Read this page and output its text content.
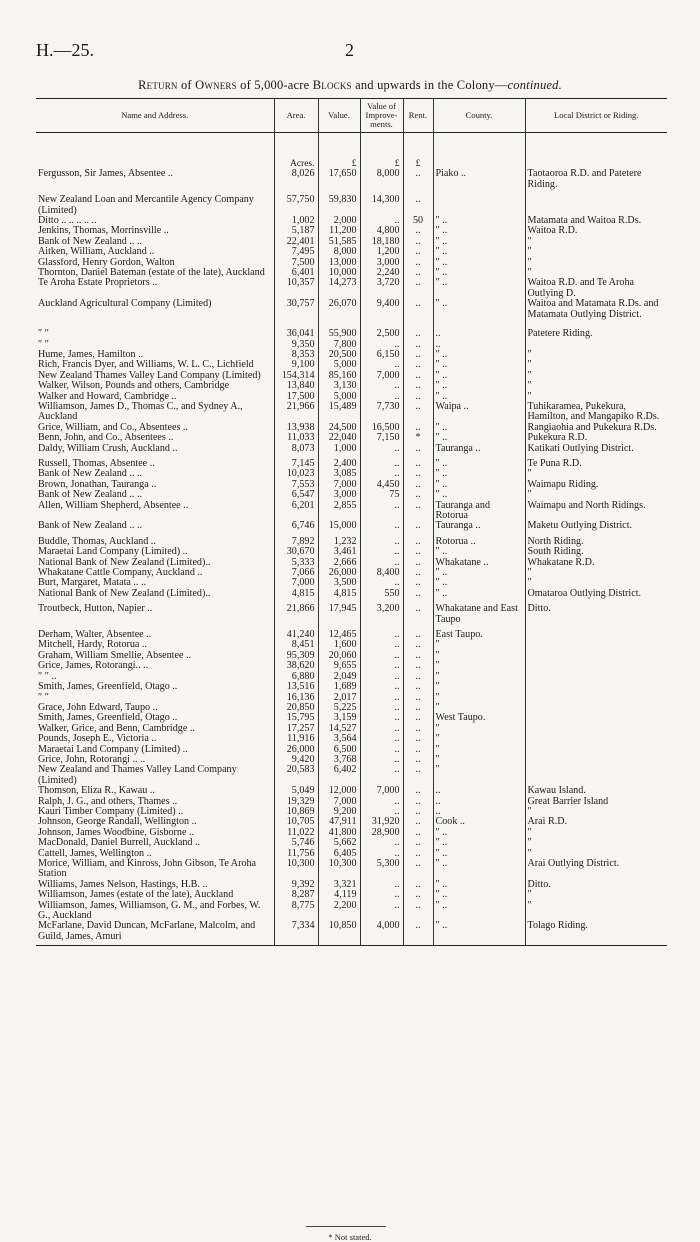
H.—25.	2
Return of Owners of 5,000-acre Blocks and upwards in the Colony—continued.
Name and Address.	Area.	Value.	Value of Improve-ments.	Rent.	County.	Local District or Riding.
	Acres.	£	£	£		
Fergusson, Sir James, Absentee ..	8,026	17,650	8,000	..	Piako ..	Taotaoroa R.D. and Patetere Riding.
New Zealand Loan and Mercantile Agency Company (Limited)	57,750	59,830	14,300	..		
Ditto .. .. .. .. ..	1,002	2,000	..	50	″ ..	Matamata and Waitoa R.Ds.
Jenkins, Thomas, Morrinsville ..	5,187	11,200	4,800	..	″ ..	Waitoa R.D.
Bank of New Zealand .. ..	22,401	51,585	18,180	..	″ ..	″
Aitken, William, Auckland ..	7,495	8,000	1,200	..	″ ..	″
Glassford, Henry Gordon, Walton	7,500	13,000	3,000	..	″ ..	″
Thornton, Daniel Bateman (estate of the late), Auckland	6,401	10,000	2,240	..	″ ..	″
Te Aroha Estate Proprietors ..	10,357	14,273	3,720	..	″ ..	Waitoa R.D. and Te Aroha Outlying D.
Auckland Agricultural Company (Limited)	30,757	26,070	9,400	..	″ ..	Waitoa and Matamata R.Ds. and Matamata Outlying District.
″ ″	36,041	55,900	2,500	..	..	Patetere Riding.
″ ″	9,350	7,800	..	..	..	
Hume, James, Hamilton ..	8,353	20,500	6,150	..	″ ..	″
Rich, Francis Dyer, and Williams, W. L. C., Lichfield	9,100	5,000	..	..	″ ..	″
New Zealand Thames Valley Land Company (Limited)	154,314	85,160	7,000	..	″ ..	″
Walker, Wilson, Pounds and others, Cambridge	13,840	3,130	..	..	″ ..	″
Walker and Howard, Cambridge ..	17,500	5,000	..	..	″ ..	″
Williamson, James D., Thomas C., and Sydney A., Auckland	21,966	15,489	7,730	..	Waipa ..	Tuhikaramea, Pukekura, Hamilton, and Mangapiko R.Ds.
Grice, William, and Co., Absentees ..	13,938	24,500	16,500	..	″ ..	Rangiaohia and Pukekura R.Ds.
Benn, John, and Co., Absentees ..	11,033	22,040	7,150	*	″ ..	Pukekura R.D.
Daldy, William Crush, Auckland ..	8,073	1,000	..	..	Tauranga ..	Katikati Outlying District.
Russell, Thomas, Absentee ..	7,145	2,400	..	..	″ ..	Te Puna R.D.
Bank of New Zealand .. ..	10,023	3,085	..	..	″ ..	″
Brown, Jonathan, Tauranga ..	7,553	7,000	4,450	..	″ ..	Waimapu Riding.
Bank of New Zealand .. ..	6,547	3,000	75	..	″ ..	″
Allen, William Shepherd, Absentee ..	6,201	2,855	..	..	Tauranga and Rotorua	Waimapu and North Ridings.
Bank of New Zealand .. ..	6,746	15,000	..	..	Tauranga ..	Maketu Outlying District.
Buddle, Thomas, Auckland ..	7,892	1,232	..	..	Rotorua ..	North Riding.
Maraetai Land Company (Limited) ..	30,670	3,461	..	..	″ ..	South Riding.
National Bank of New Zealand (Limited)..	5,333	2,666	..	..	Whakatane ..	Whakatane R.D.
Whakatane Cattle Company, Auckland ..	7,066	26,000	8,400	..	″ ..	″
Burt, Margaret, Matata .. ..	7,000	3,500	..	..	″ ..	″
National Bank of New Zealand (Limited)..	4,815	4,815	550	..	″ ..	Omataroa Outlying District.
Troutbeck, Hutton, Napier ..	21,866	17,945	3,200	..	Whakatane and East Taupo	Ditto.
Derham, Walter, Absentee ..	41,240	12,465	..	..	East Taupo.	
Mitchell, Hardy, Rotorua ..	8,451	1,600	..	..	″	
Graham, William Smellie, Absentee ..	95,309	20,060	..	..	″	
Grice, James, Rotorangi.. ..	38,620	9,655	..	..	″	
″ ″ ..	6,880	2,049	..	..	″	
Smith, James, Greenfield, Otago ..	13,516	1,689	..	..	″	
″ ″	16,136	2,017	..	..	″	
Grace, John Edward, Taupo ..	20,850	5,225	..	..	″	
Smith, James, Greenfield, Otago ..	15,795	3,159	..	..	West Taupo.	
Walker, Grice, and Benn, Cambridge ..	17,257	14,527	..	..	″	
Pounds, Joseph E., Victoria ..	11,916	3,564	..	..	″	
Maraetai Land Company (Limited) ..	26,000	6,500	..	..	″	
Grice, John, Rotorangi .. ..	9,420	3,768	..	..	″	
New Zealand and Thames Valley Land Company (Limited)	20,583	6,402	..	..	″	
Thomson, Eliza R., Kawau ..	5,049	12,000	7,000	..	..	Kawau Island.
Ralph, J. G., and others, Thames ..	19,329	7,000	..	..	..	Great Barrier Island
Kauri Timber Company (Limited) ..	10,869	9,200	..	..	..	″
Johnson, George Randall, Wellington ..	10,705	47,911	31,920	..	Cook ..	Arai R.D.
Johnson, James Woodbine, Gisborne ..	11,022	41,800	28,900	..	″ ..	″
MacDonald, Daniel Burrell, Auckland ..	5,746	5,662	..	..	″ ..	″
Cattell, James, Wellington ..	11,756	6,405	..	..	″ ..	″
Morice, William, and Kinross, John Gibson, Te Aroha Station	10,300	10,300	5,300	..	″ ..	Arai Outlying District.
Williams, James Nelson, Hastings, H.B. ..	9,392	3,321	..	..	″ ..	Ditto.
Williamson, James (estate of the late), Auckland	8,287	4,119	..	..	″ ..	″
Williamson, James, Williamson, G. M., and Forbes, W. G., Auckland	8,775	2,200	..	..	″ ..	″
McFarlane, David Duncan, McFarlane, Malcolm, and Guild, James, Amuri	7,334	10,850	4,000	..	″ ..	Tolago Riding.
* Not stated.
